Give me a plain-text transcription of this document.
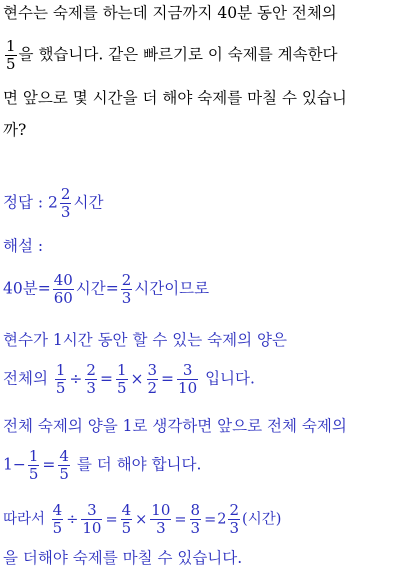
현수는 숙제를 하는데 지금까지 40분 동안 전체의
$\frac{1}{5}$ 을 했습니다. 같은 빠르기로 이 숙제를 계속한다
면 앞으로 몇 시간을 더 해야 숙제를 마칠 수 있습니
까?
정답 : $2 \frac{2}{3}$ 시간
해설 :
40분= $\frac{40}{60}$ 시간= $\frac{2}{3}$ 시간이므로
현수가 1시간 동안 할 수 있는 숙제의 양은
전체의 $\frac{1}{5} \div \frac{2}{3} = \frac{1}{5} \times \frac{3}{2} = \frac{3}{10}$ 입니다.
전체 숙제의 양을 1로 생각하면 앞으로 전체 숙제의
$1- \frac{1}{5} = \frac{4}{5}$ 를 더 해야 합니다.
따라서 $\frac{4}{5} \div \frac{3}{10} = \frac{4}{5} \times \frac{10}{3} = \frac{8}{3} =2 \frac{2}{3}$ (시간)
을 더해야 숙제를 마칠 수 있습니다.
